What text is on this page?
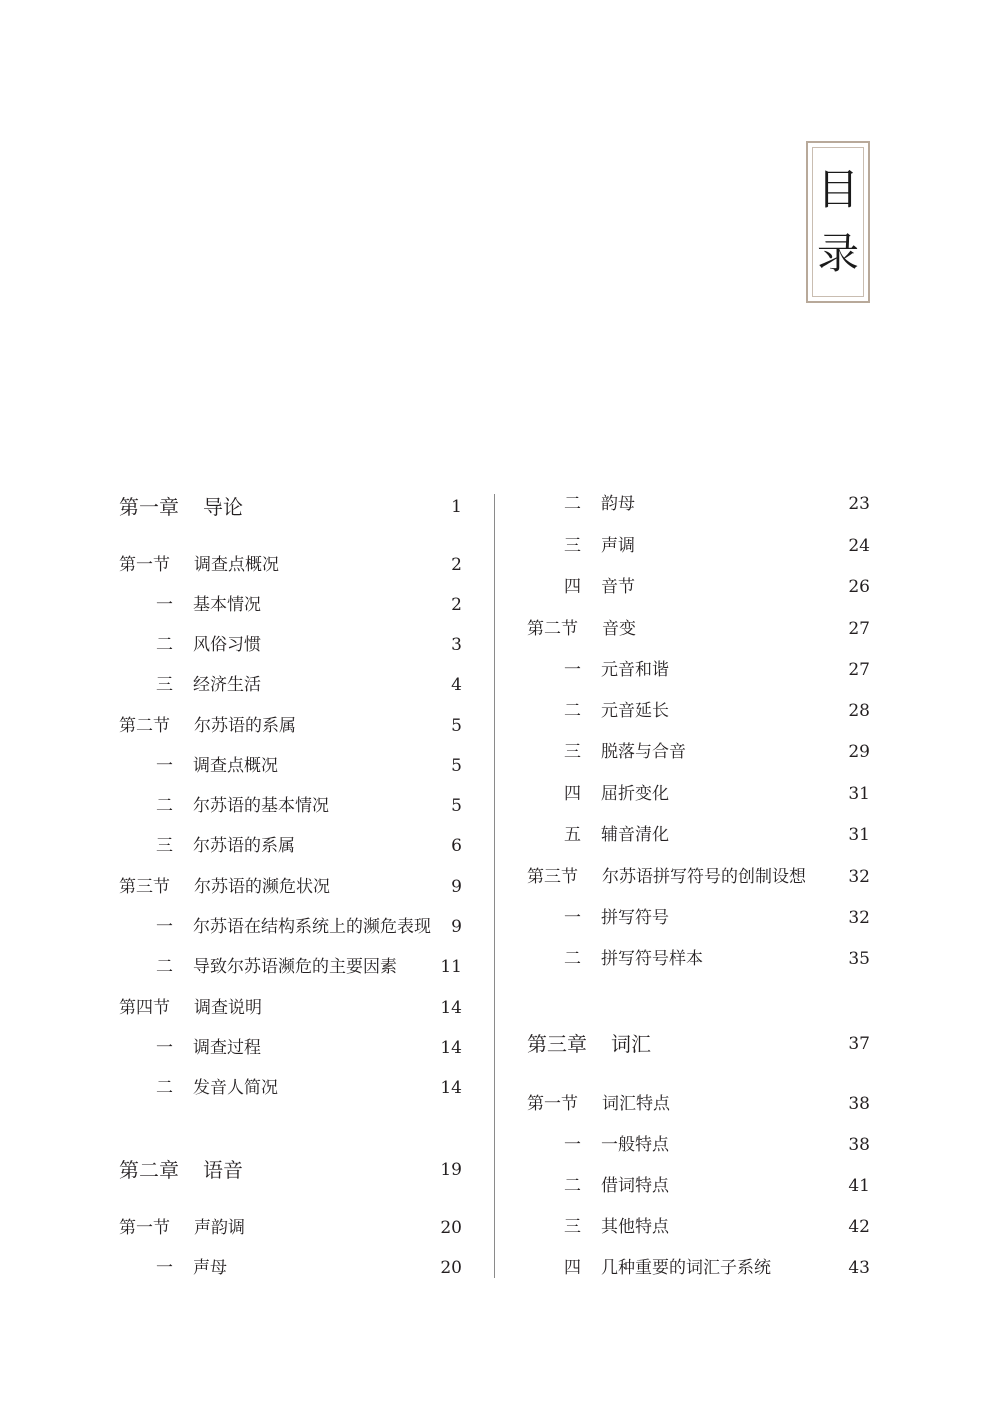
目
录
第一章 导论	1
第一节 调查点概况	2
一 基本情况	2
二 风俗习惯	3
三 经济生活	4
第二节 尔苏语的系属	5
一 调查点概况	5
二 尔苏语的基本情况	5
三 尔苏语的系属	6
第三节 尔苏语的濒危状况	9
一 尔苏语在结构系统上的濒危表现	9
二 导致尔苏语濒危的主要因素	11
第四节 调查说明	14
一 调查过程	14
二 发音人简况	14
第二章 语音	19
第一节 声韵调	20
一 声母	20
二 韵母	23
三 声调	24
四 音节	26
第二节 音变	27
一 元音和谐	27
二 元音延长	28
三 脱落与合音	29
四 屈折变化	31
五 辅音清化	31
第三节 尔苏语拼写符号的创制设想	32
一 拼写符号	32
二 拼写符号样本	35
第三章 词汇	37
第一节 词汇特点	38
一 一般特点	38
二 借词特点	41
三 其他特点	42
四 几种重要的词汇子系统	43
